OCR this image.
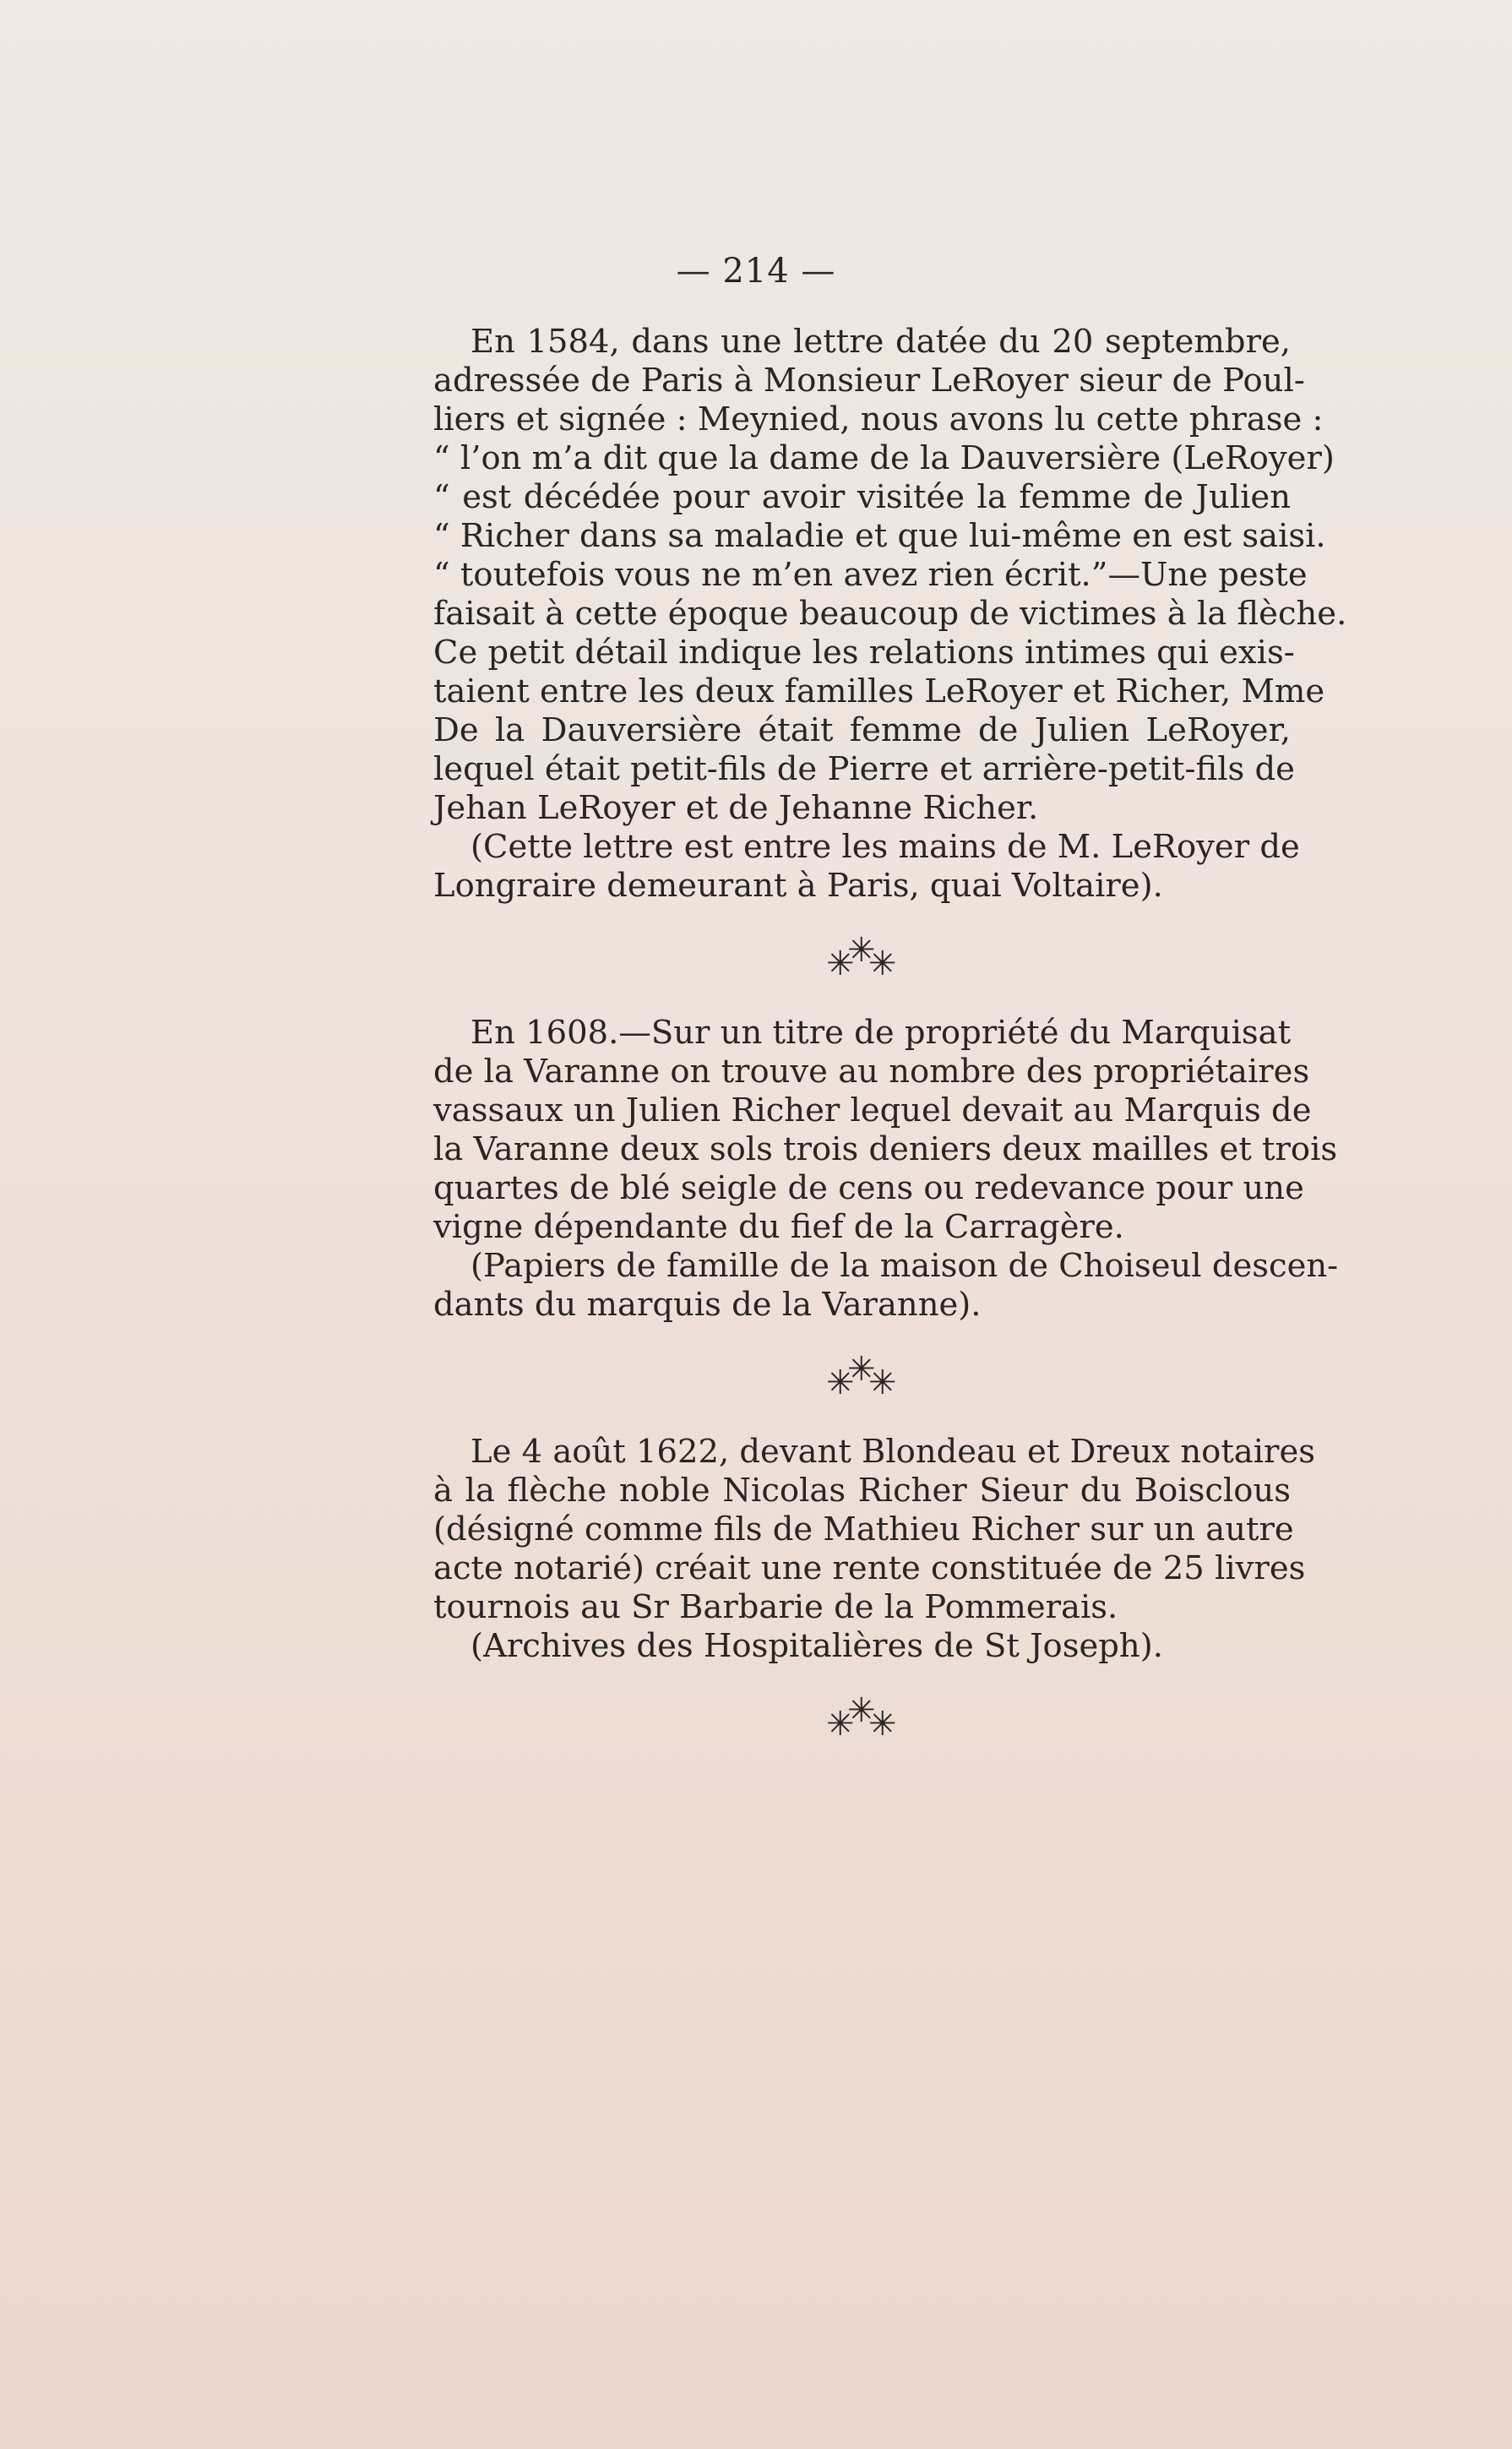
— 214 —
En 1584, dans une lettre datée du 20 septembre,
adressée de Paris à Monsieur LeRoyer sieur de Poul-
liers et signée : Meynied, nous avons lu cette phrase :
“ l’on m’a dit que la dame de la Dauversière (LeRoyer)
“ est décédée pour avoir visitée la femme de Julien
“ Richer dans sa maladie et que lui-même en est saisi.
“ toutefois vous ne m’en avez rien écrit.”—Une peste
faisait à cette époque beaucoup de victimes à la flèche.
Ce petit détail indique les relations intimes qui exis-
taient entre les deux familles LeRoyer et Richer, Mme
De la Dauversière était femme de Julien LeRoyer,
lequel était petit-fils de Pierre et arrière-petit-fils de
Jehan LeRoyer et de Jehanne Richer.
(Cette lettre est entre les mains de M. LeRoyer de
Longraire demeurant à Paris, quai Voltaire).
✳
✳
✳
En 1608.—Sur un titre de propriété du Marquisat
de la Varanne on trouve au nombre des propriétaires
vassaux un Julien Richer lequel devait au Marquis de
la Varanne deux sols trois deniers deux mailles et trois
quartes de blé seigle de cens ou redevance pour une
vigne dépendante du fief de la Carragère.
(Papiers de famille de la maison de Choiseul descen-
dants du marquis de la Varanne).
✳
✳
✳
Le 4 août 1622, devant Blondeau et Dreux notaires
à la flèche noble Nicolas Richer Sieur du Boisclous
(désigné comme fils de Mathieu Richer sur un autre
acte notarié) créait une rente constituée de 25 livres
tournois au Sr Barbarie de la Pommerais.
(Archives des Hospitalières de St Joseph).
✳
✳
✳
